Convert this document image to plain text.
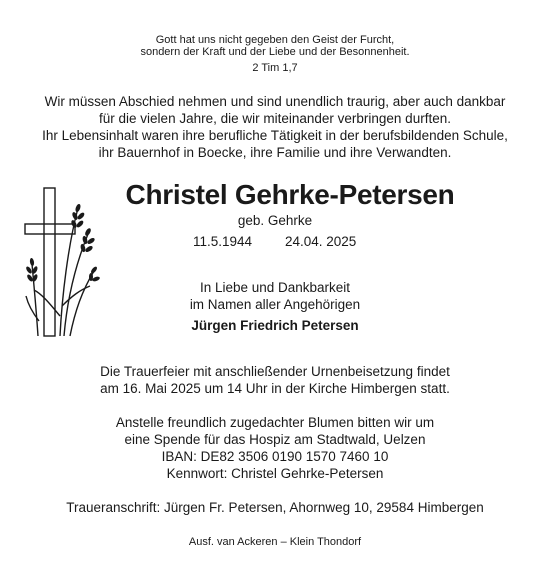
Gott hat uns nicht gegeben den Geist der Furcht,
sondern der Kraft und der Liebe und der Besonnenheit.
2 Tim 1,7
Wir müssen Abschied nehmen und sind unendlich traurig, aber auch dankbar
für die vielen Jahre, die wir miteinander verbringen durften.
Ihr Lebensinhalt waren ihre berufliche Tätigkeit in der berufsbildenden Schule,
ihr Bauernhof in Boecke, ihre Familie und ihre Verwandten.
Christel Gehrke-Petersen
geb. Gehrke
11.5.1944 24.04. 2025
In Liebe und Dankbarkeit
im Namen aller Angehörigen
Jürgen Friedrich Petersen
Die Trauerfeier mit anschließender Urnenbeisetzung findet
am 16. Mai 2025 um 14 Uhr in der Kirche Himbergen statt.
Anstelle freundlich zugedachter Blumen bitten wir um
eine Spende für das Hospiz am Stadtwald, Uelzen
IBAN: DE82 3506 0190 1570 7460 10
Kennwort: Christel Gehrke-Petersen
Traueranschrift: Jürgen Fr. Petersen, Ahornweg 10, 29584 Himbergen
Ausf. van Ackeren – Klein Thondorf
